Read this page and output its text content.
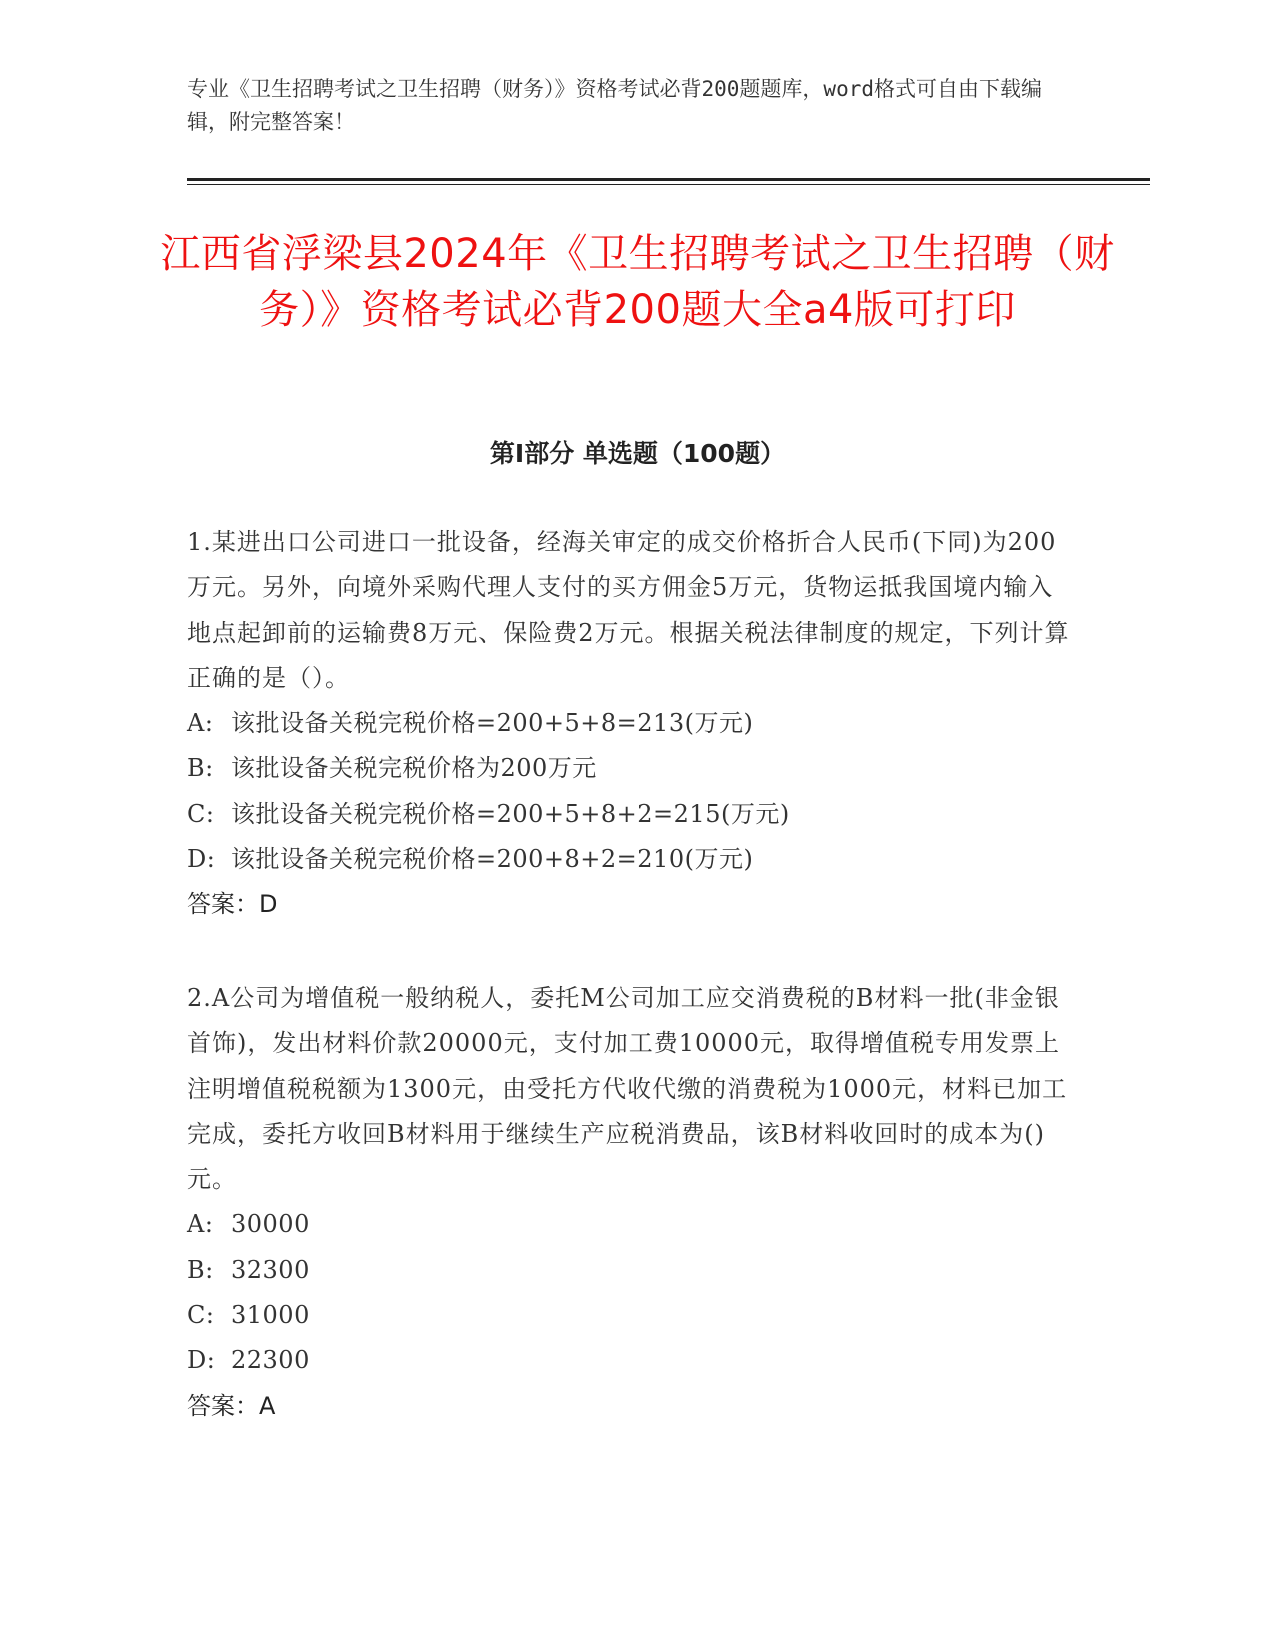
专业《卫生招聘考试之卫生招聘（财务）》资格考试必背200题题库，word格式可自由下载编辑，附完整答案！
江西省浮梁县2024年《卫生招聘考试之卫生招聘（财务）》资格考试必背200题大全a4版可打印
第Ⅰ部分 单选题（100题）
1.某进出口公司进口一批设备，经海关审定的成交价格折合人民币(下同)为200万元。另外，向境外采购代理人支付的买方佣金5万元，货物运抵我国境内输入地点起卸前的运输费8万元、保险费2万元。根据关税法律制度的规定，下列计算正确的是（）。
A: 该批设备关税完税价格=200+5+8=213(万元)
B: 该批设备关税完税价格为200万元
C: 该批设备关税完税价格=200+5+8+2=215(万元)
D: 该批设备关税完税价格=200+8+2=210(万元)
答案：D
2.A公司为增值税一般纳税人，委托M公司加工应交消费税的B材料一批(非金银首饰)，发出材料价款20000元，支付加工费10000元，取得增值税专用发票上注明增值税税额为1300元，由受托方代收代缴的消费税为1000元，材料已加工完成，委托方收回B材料用于继续生产应税消费品，该B材料收回时的成本为()元。
A: 30000
B: 32300
C: 31000
D: 22300
答案：A
